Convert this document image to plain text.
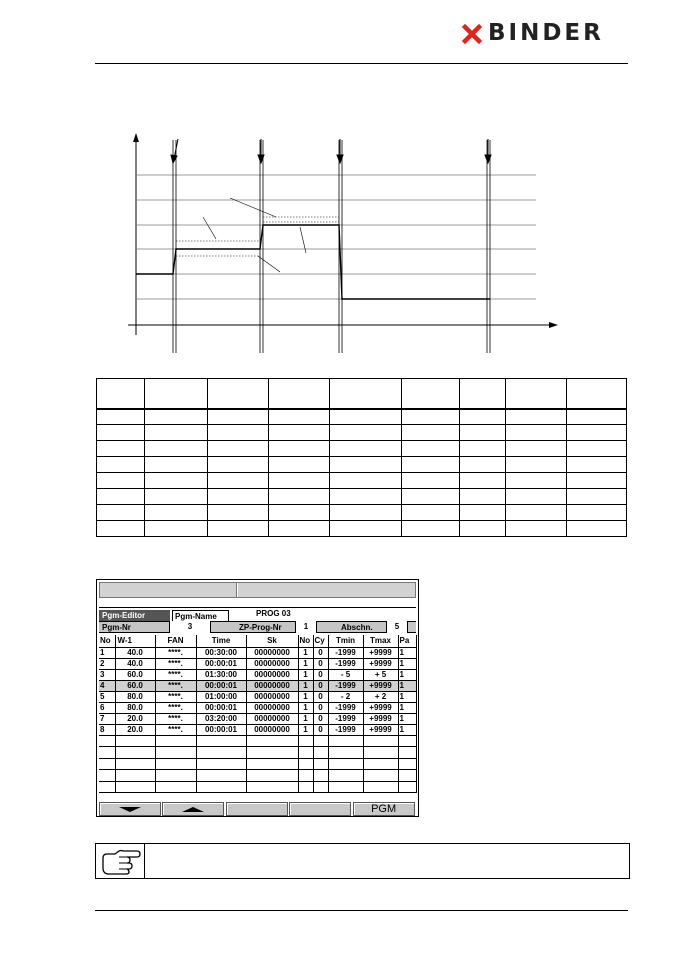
BINDER

Pgm-Editor	Pgm-Name	PROG 03
Pgm-Nr	3	ZP-Prog-Nr	1	Abschn.	5
No	W-1	FAN	Time	Sk	No	Cy	Tmin	Tmax	Pa
1	40.0	****.	00:30:00	00000000	1	0	-1999	+9999	1
2	40.0	****.	00:00:01	00000000	1	0	-1999	+9999	1
3	60.0	****.	01:30:00	00000000	1	0	- 5	+ 5	1
4	60.0	****.	00:00:01	00000000	1	0	-1999	+9999	1
5	80.0	****.	01:00:00	00000000	1	0	- 2	+ 2	1
6	80.0	****.	00:00:01	00000000	1	0	-1999	+9999	1
7	20.0	****.	03:20:00	00000000	1	0	-1999	+9999	1
8	20.0	****.	00:00:01	00000000	1	0	-1999	+9999	1

PGM
